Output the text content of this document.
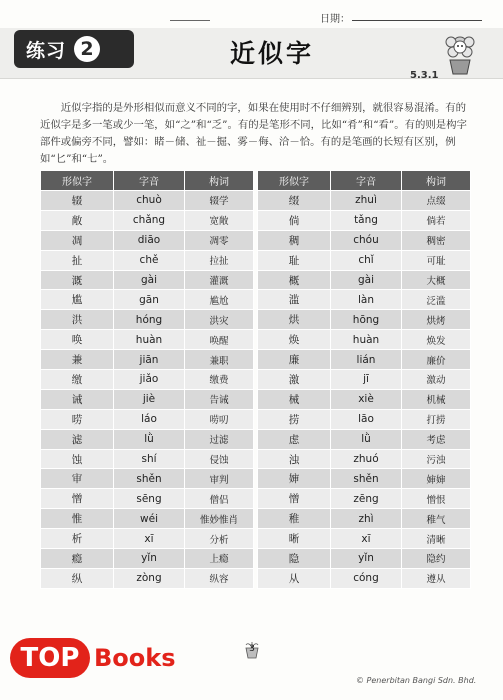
日期：
练习 2	近似字
5.3.1

近似字指的是外形相似而意义不同的字，如果在使用时不仔细辨别，就很容易混淆。有的近似字是多一笔或少一笔，如“之”和“乏”。有的是笔形不同，比如“肴”和“看”。有的则是构字部件或偏旁不同，譬如：睹－储、祉－掘、雾－侮、洽－恰。有的是笔画的长短有区别，例如“匕”和“七”。

形似字	字音	构词		形似字	字音	构词
辍	chuò	辍学		缀	zhuì	点缀
敞	chǎng	宽敞		倘	tǎng	倘若
凋	diāo	凋零		稠	chóu	稠密
扯	chě	拉扯		耻	chǐ	可耻
溉	gài	灌溉		概	gài	大概
尴	gān	尴尬		滥	làn	泛滥
洪	hóng	洪灾		烘	hōng	烘烤
唤	huàn	唤醒		焕	huàn	焕发
兼	jiān	兼职		廉	lián	廉价
缴	jiǎo	缴费		激	jī	激动
诫	jiè	告诫		械	xiè	机械
唠	láo	唠叨		捞	lāo	打捞
滤	lǜ	过滤		虑	lǜ	考虑
蚀	shí	侵蚀		浊	zhuó	污浊
审	shěn	审判		婶	shěn	婶婶
憎	sēng	僧侣		憎	zēng	憎恨
惟	wéi	惟妙惟肖		稚	zhì	稚气
析	xī	分析		晰	xī	清晰
瘾	yǐn	上瘾		隐	yǐn	隐约
纵	zòng	纵容		从	cóng	遵从
TOP Books	3
© Penerbitan Bangi Sdn. Bhd.
